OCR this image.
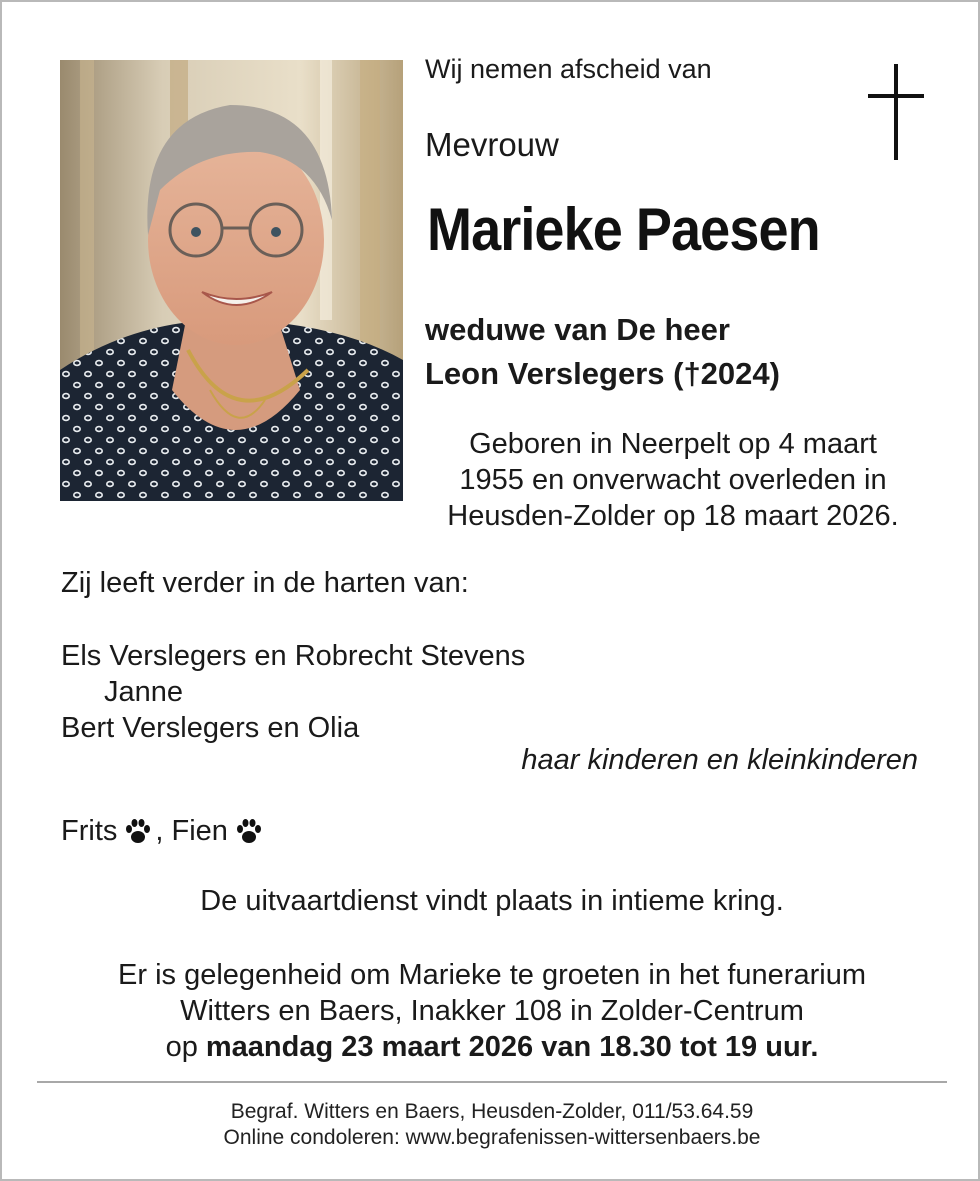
Wij nemen afscheid van
Mevrouw
Marieke Paesen
weduwe van De heer
Leon Verslegers (†2024)
Geboren in Neerpelt op 4 maart
1955 en onverwacht overleden in
Heusden-Zolder op 18 maart 2026.
Zij leeft verder in de harten van:
Els Verslegers en Robrecht Stevens
Janne
Bert Verslegers en Olia
haar kinderen en kleinkinderen
Frits , Fien
De uitvaartdienst vindt plaats in intieme kring.
Er is gelegenheid om Marieke te groeten in het funerarium
Witters en Baers, Inakker 108 in Zolder-Centrum
op maandag 23 maart 2026 van 18.30 tot 19 uur.
Begraf. Witters en Baers, Heusden-Zolder, 011/53.64.59
Online condoleren: www.begrafenissen-wittersenbaers.be
